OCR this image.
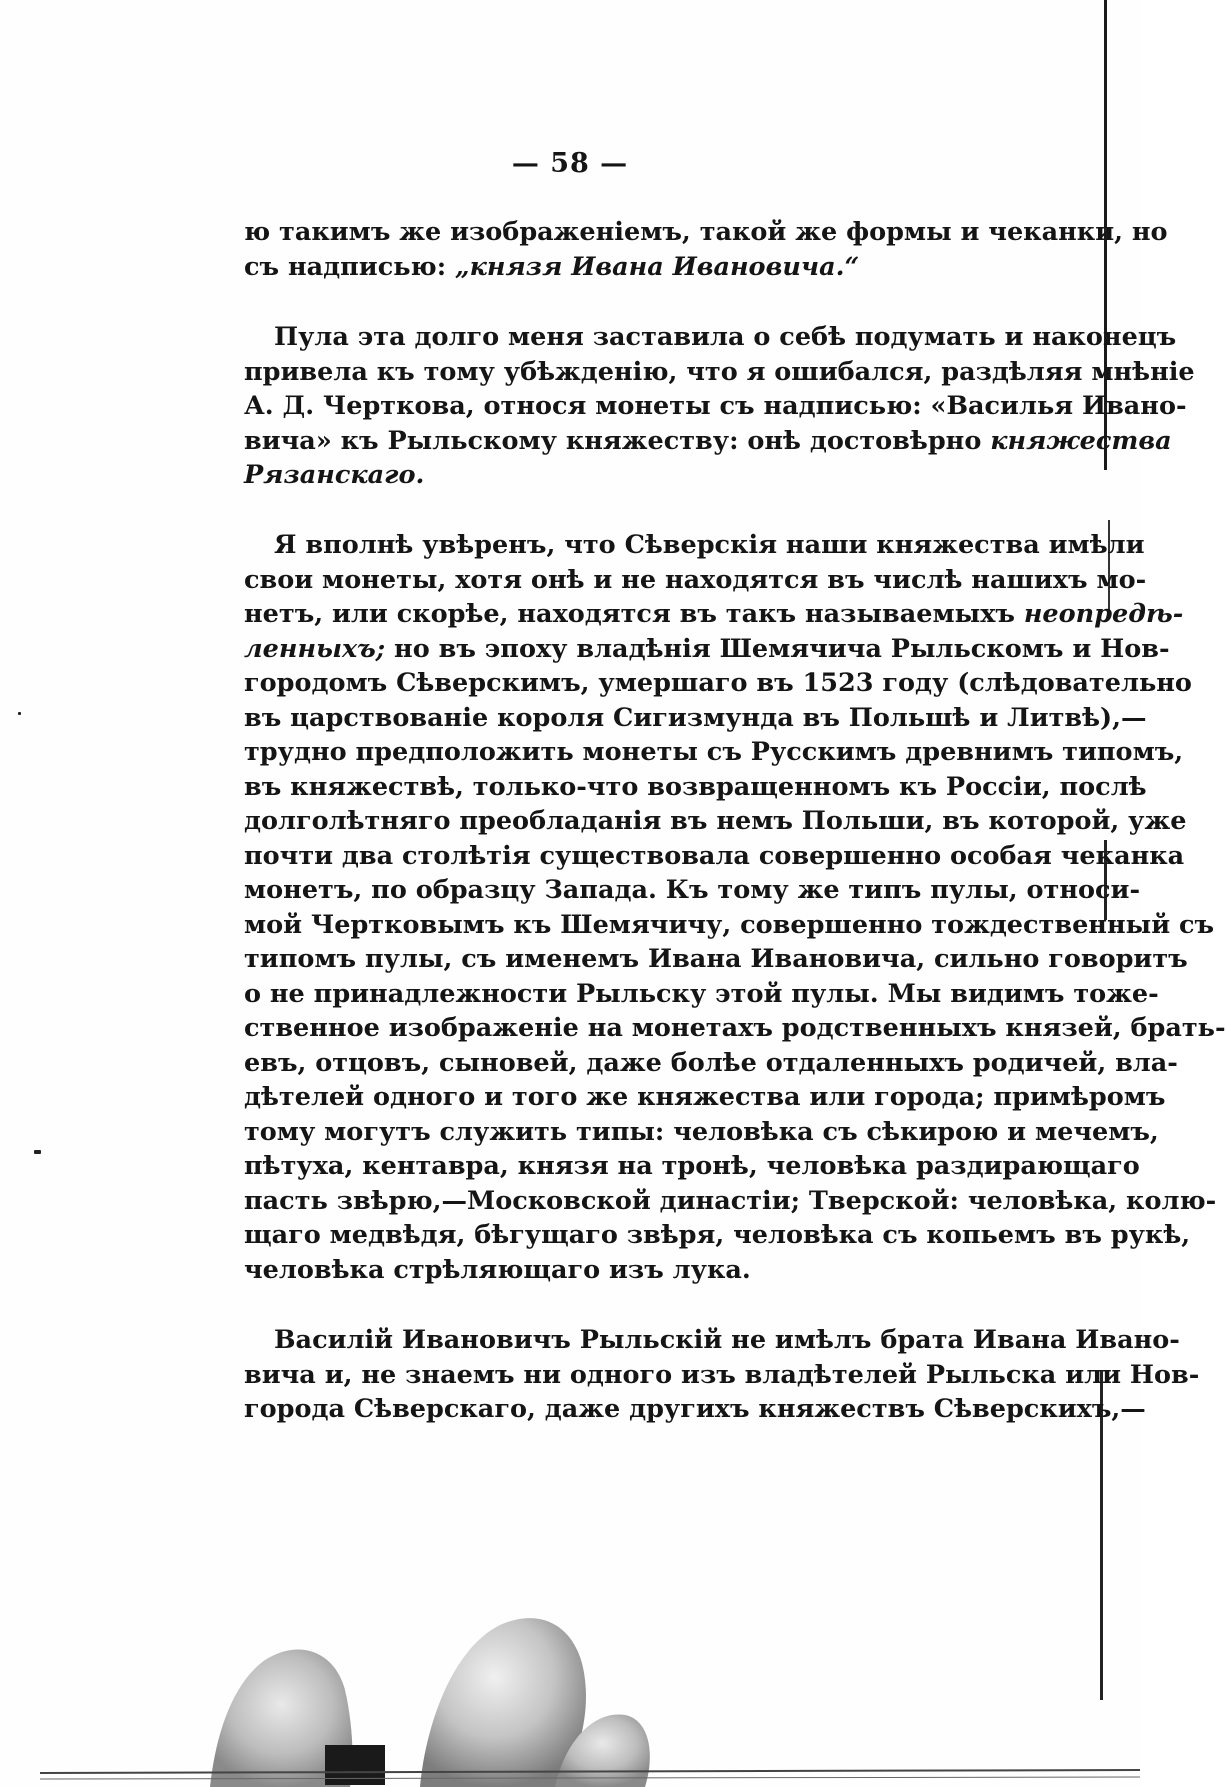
— 58 —
ю такимъ же изображеніемъ, такой же формы и чеканки, но
съ надписью: „князя Ивана Ивановича.“
Пула эта долго меня заставила о себѣ подумать и наконецъ
привела къ тому убѣжденію, что я ошибался, раздѣляя мнѣніе
А. Д. Черткова, относя монеты съ надписью: «Василья Ивано-
вича» къ Рыльскому княжеству: онѣ достовѣрно княжества
Рязанскаго.
Я вполнѣ увѣренъ, что Сѣверскія наши княжества имѣли
свои монеты, хотя онѣ и не находятся въ числѣ нашихъ мо-
нетъ, или скорѣе, находятся въ такъ называемыхъ неопредѣ-
ленныхъ; но въ эпоху владѣнія Шемячича Рыльскомъ и Нов-
городомъ Сѣверскимъ, умершаго въ 1523 году (слѣдовательно
въ царствованіе короля Сигизмунда въ Польшѣ и Литвѣ),—
трудно предположить монеты съ Русскимъ древнимъ типомъ,
въ княжествѣ, только-что возвращенномъ къ Россіи, послѣ
долголѣтняго преобладанія въ немъ Польши, въ которой, уже
почти два столѣтія существовала совершенно особая чеканка
монетъ, по образцу Запада. Къ тому же типъ пулы, относи-
мой Чертковымъ къ Шемячичу, совершенно тождественный съ
типомъ пулы, съ именемъ Ивана Ивановича, сильно говоритъ
о не принадлежности Рыльску этой пулы. Мы видимъ тоже-
ственное изображеніе на монетахъ родственныхъ князей, брать-
евъ, отцовъ, сыновей, даже болѣе отдаленныхъ родичей, вла-
дѣтелей одного и того же княжества или города; примѣромъ
тому могутъ служить типы: человѣка съ сѣкирою и мечемъ,
пѣтуха, кентавра, князя на тронѣ, человѣка раздирающаго
пасть звѣрю,—Московской династіи; Тверской: человѣка, колю-
щаго медвѣдя, бѣгущаго звѣря, человѣка съ копьемъ въ рукѣ,
человѣка стрѣляющаго изъ лука.
Василій Ивановичъ Рыльскій не имѣлъ брата Ивана Ивано-
вича и, не знаемъ ни одного изъ владѣтелей Рыльска или Нов-
города Сѣверскаго, даже другихъ княжествъ Сѣверскихъ,—
